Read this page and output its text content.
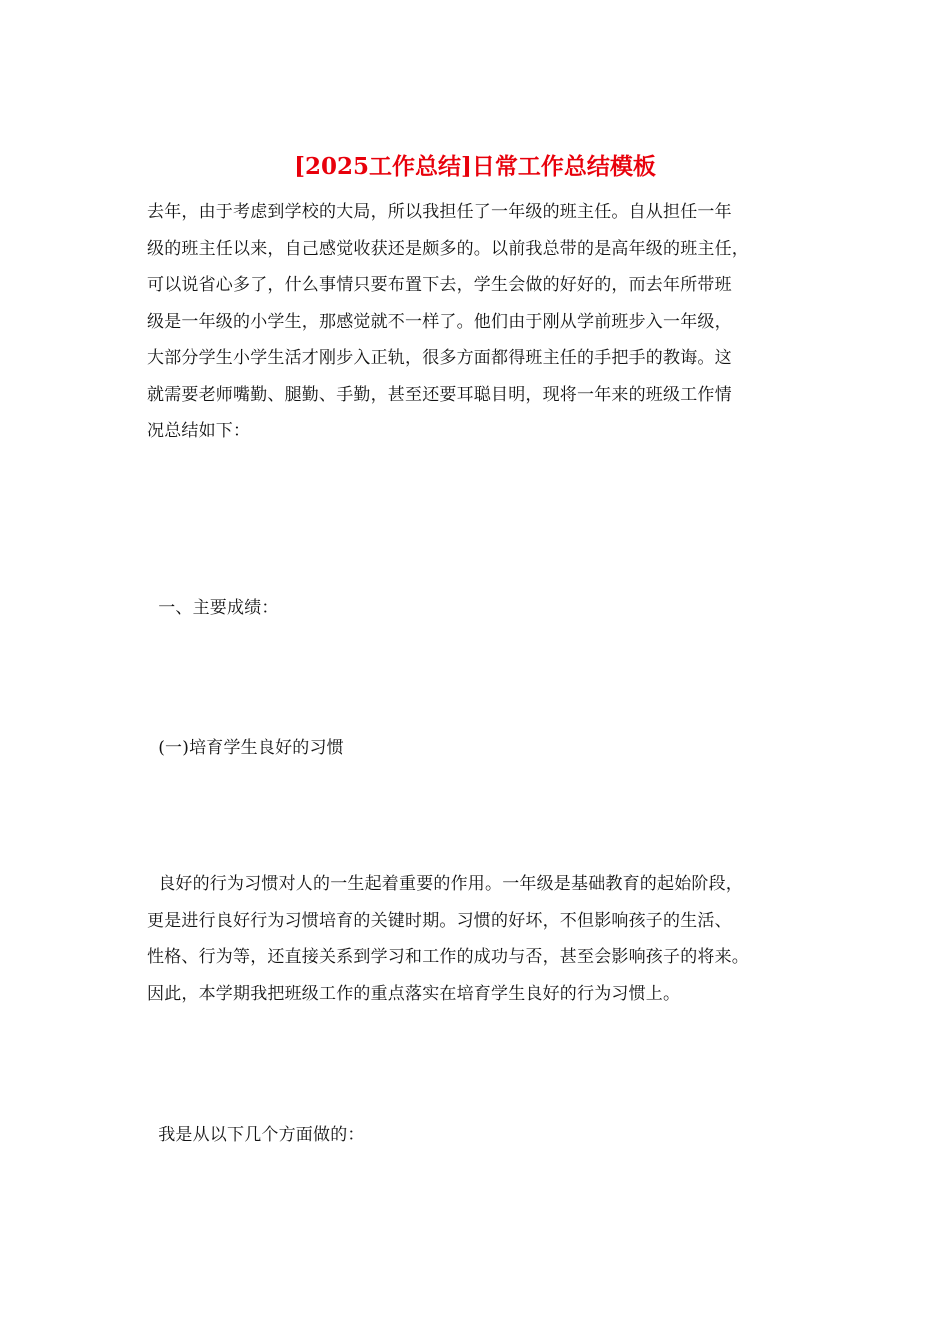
[2025工作总结]日常工作总结模板
去年，由于考虑到学校的大局，所以我担任了一年级的班主任。自从担任一年
级的班主任以来，自己感觉收获还是颇多的。以前我总带的是高年级的班主任，
可以说省心多了，什么事情只要布置下去，学生会做的好好的，而去年所带班
级是一年级的小学生，那感觉就不一样了。他们由于刚从学前班步入一年级，
大部分学生小学生活才刚步入正轨，很多方面都得班主任的手把手的教诲。这
就需要老师嘴勤、腿勤、手勤，甚至还要耳聪目明，现将一年来的班级工作情
况总结如下：
一、主要成绩：
(一)培育学生良好的习惯
良好的行为习惯对人的一生起着重要的作用。一年级是基础教育的起始阶段，
更是进行良好行为习惯培育的关键时期。习惯的好坏，不但影响孩子的生活、
性格、行为等，还直接关系到学习和工作的成功与否，甚至会影响孩子的将来。
因此，本学期我把班级工作的重点落实在培育学生良好的行为习惯上。
我是从以下几个方面做的：
